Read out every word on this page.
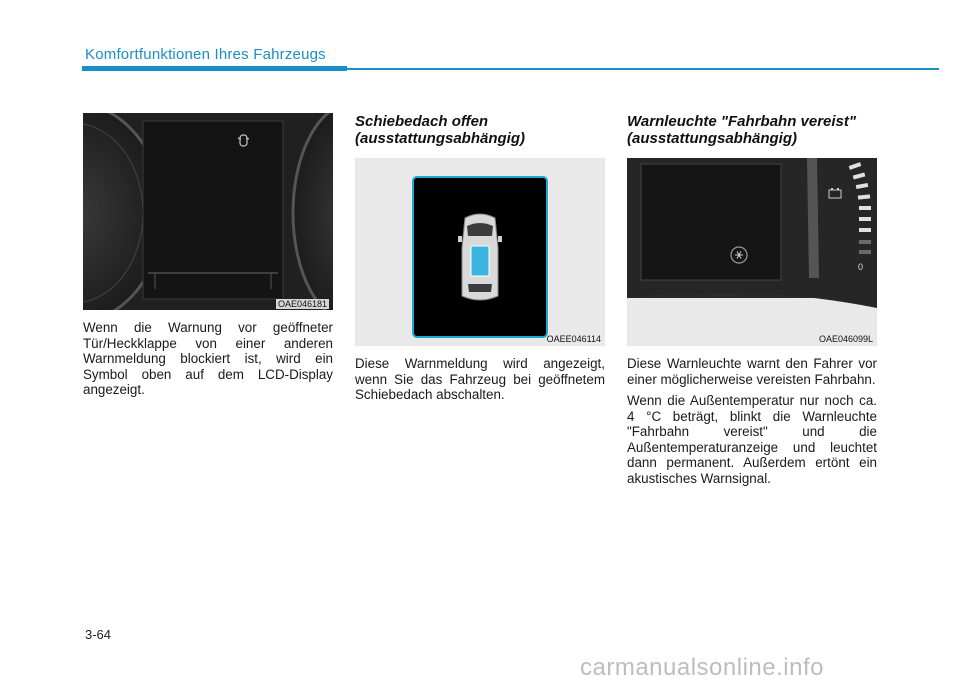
Komfortfunktionen Ihres Fahrzeugs
OAE046181

Wenn die Warnung vor geöffneter Tür/Heckklappe von einer anderen Warnmeldung blockiert ist, wird ein Symbol oben auf dem LCD-Display angezeigt.

Schiebedach offen
(ausstattungsabhängig)
OAEE046114

Diese Warnmeldung wird angezeigt, wenn Sie das Fahrzeug bei geöffnetem Schiebedach abschalten.

Warnleuchte "Fahrbahn vereist"
(ausstattungsabhängig)
0
OAE046099L

Diese Warnleuchte warnt den Fahrer vor einer möglicherweise vereisten Fahrbahn.

Wenn die Außentemperatur nur noch ca. 4 °C beträgt, blinkt die Warnleuchte "Fahrbahn vereist" und die Außentemperaturanzeige und leuchtet dann permanent. Außerdem ertönt ein akustisches Warnsignal.

3-64
carmanualsonline.info
